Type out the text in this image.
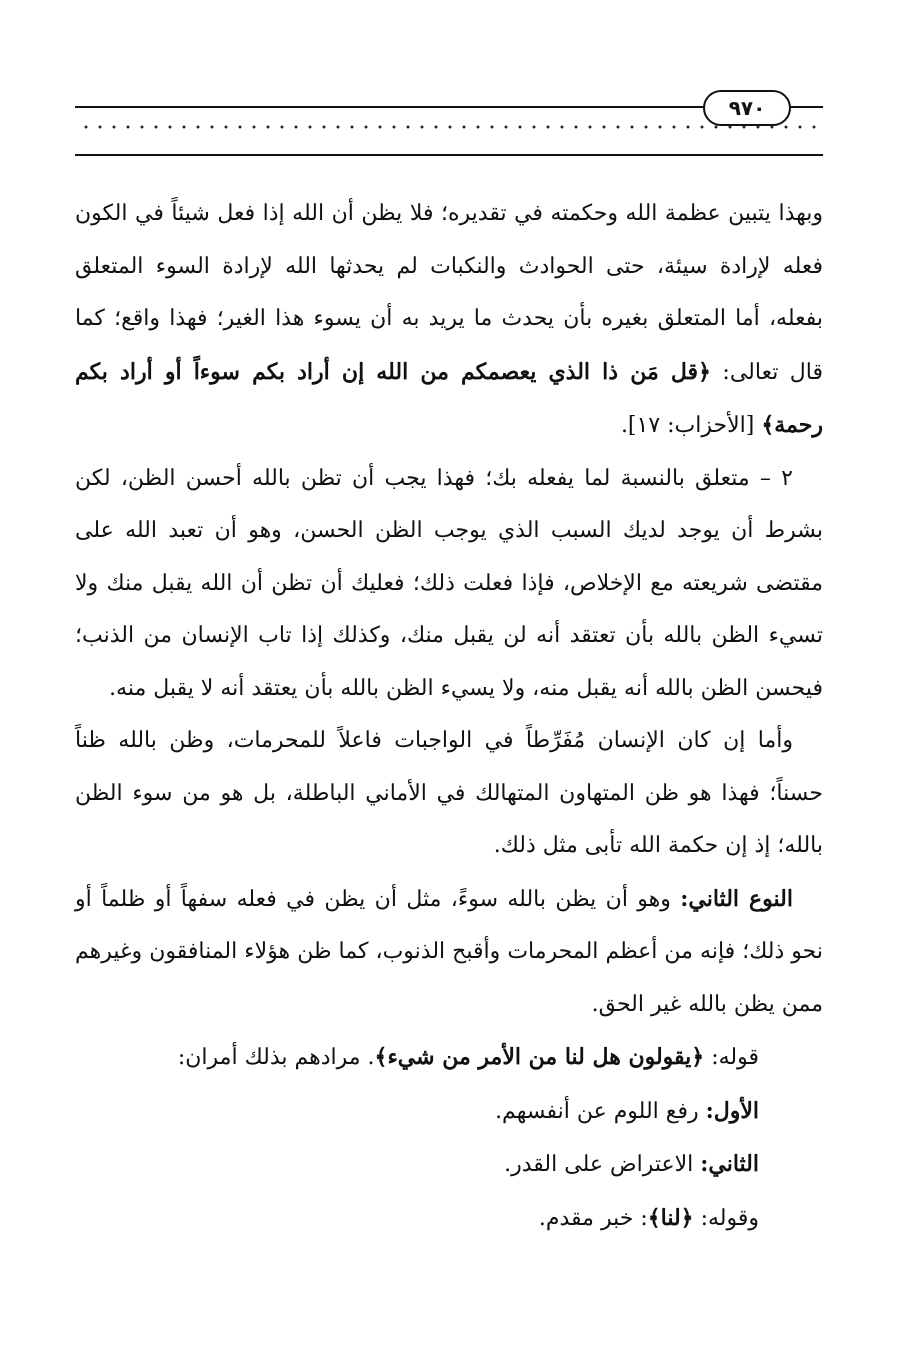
٩٧٠

وبهذا يتبين عظمة الله وحكمته في تقديره؛ فلا يظن أن الله إذا فعل شيئاً في الكون فعله لإرادة سيئة، حتى الحوادث والنكبات لم يحدثها الله لإرادة السوء المتعلق بفعله، أما المتعلق بغيره بأن يحدث ما يريد به أن يسوء هذا الغير؛ فهذا واقع؛ كما قال تعالى: ﴿قل مَن ذا الذي يعصمكم من الله إن أراد بكم سوءاً أو أراد بكم رحمة﴾ [الأحزاب: ١٧].

٢ – متعلق بالنسبة لما يفعله بك؛ فهذا يجب أن تظن بالله أحسن الظن، لكن بشرط أن يوجد لديك السبب الذي يوجب الظن الحسن، وهو أن تعبد الله على مقتضى شريعته مع الإخلاص، فإذا فعلت ذلك؛ فعليك أن تظن أن الله يقبل منك ولا تسيء الظن بالله بأن تعتقد أنه لن يقبل منك، وكذلك إذا تاب الإنسان من الذنب؛ فيحسن الظن بالله أنه يقبل منه، ولا يسيء الظن بالله بأن يعتقد أنه لا يقبل منه.

وأما إن كان الإنسان مُفَرِّطاً في الواجبات فاعلاً للمحرمات، وظن بالله ظناً حسناً؛ فهذا هو ظن المتهاون المتهالك في الأماني الباطلة، بل هو من سوء الظن بالله؛ إذ إن حكمة الله تأبى مثل ذلك.

النوع الثاني: وهو أن يظن بالله سوءً، مثل أن يظن في فعله سفهاً أو ظلماً أو نحو ذلك؛ فإنه من أعظم المحرمات وأقبح الذنوب، كما ظن هؤلاء المنافقون وغيرهم ممن يظن بالله غير الحق.

قوله: ﴿يقولون هل لنا من الأمر من شيء﴾. مرادهم بذلك أمران:

الأول: رفع اللوم عن أنفسهم.

الثاني: الاعتراض على القدر.

وقوله: ﴿لنا﴾: خبر مقدم.
